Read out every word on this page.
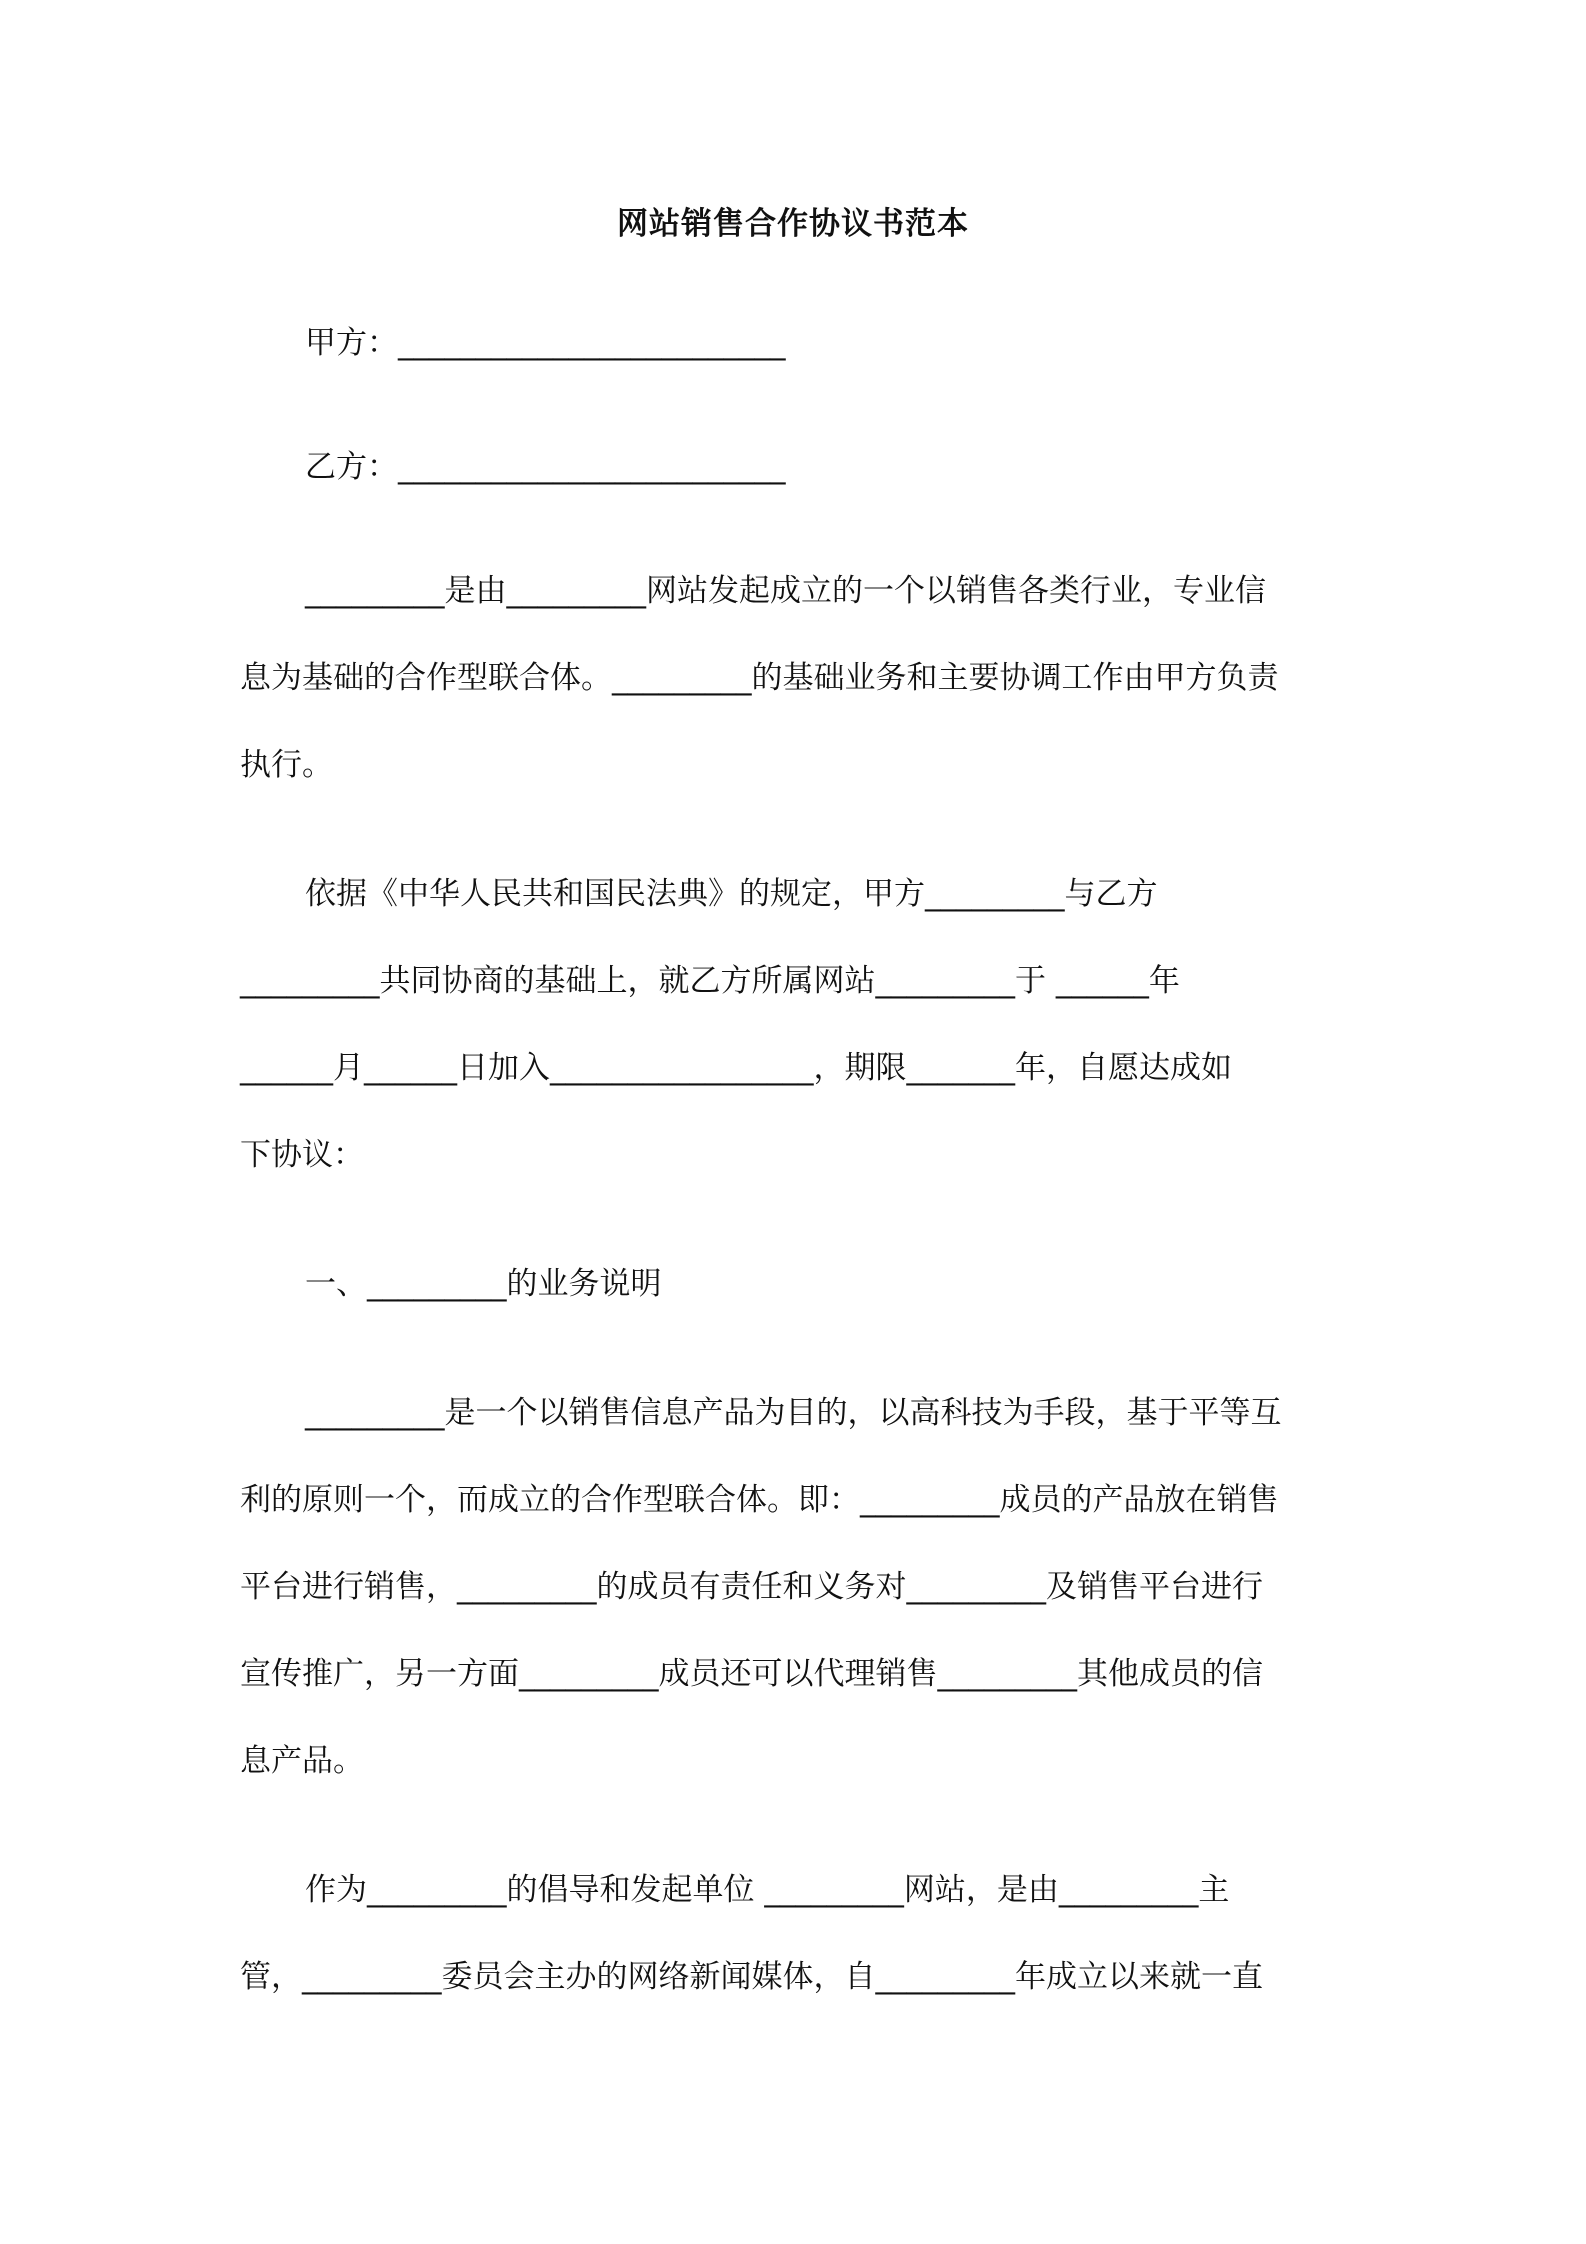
网站销售合作协议书范本
甲方：_________________________
乙方：_________________________
_________是由_________网站发起成立的一个以销售各类行业，专业信
息为基础的合作型联合体。_________的基础业务和主要协调工作由甲方负责
执行。
依据《中华人民共和国民法典》的规定，甲方_________与乙方
_________共同协商的基础上，就乙方所属网站_________于 ______年
______月______日加入_________________，期限_______年，自愿达成如
下协议：
一、_________的业务说明
_________是一个以销售信息产品为目的，以高科技为手段，基于平等互
利的原则一个，而成立的合作型联合体。即：_________成员的产品放在销售
平台进行销售，_________的成员有责任和义务对_________及销售平台进行
宣传推广，另一方面_________成员还可以代理销售_________其他成员的信
息产品。
作为_________的倡导和发起单位 _________网站，是由_________主
管，_________委员会主办的网络新闻媒体，自_________年成立以来就一直
